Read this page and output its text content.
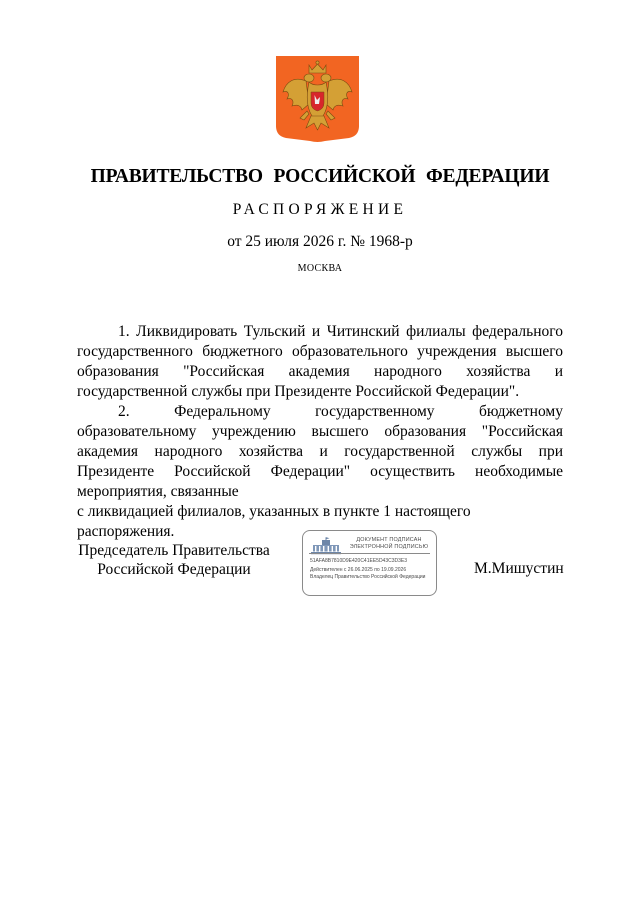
ПРАВИТЕЛЬСТВО РОССИЙСКОЙ ФЕДЕРАЦИИ
РАСПОРЯЖЕНИЕ
от 25 июля 2026 г. № 1968-р
МОСКВА

1. Ликвидировать Тульский и Читинский филиалы федерального государственного бюджетного образовательного учреждения высшего образования "Российская академия народного хозяйства и государственной службы при Президенте Российской Федерации".

2. Федеральному государственному бюджетному образовательному учреждению высшего образования "Российская академия народного хозяйства и государственной службы при Президенте Российской Федерации" осуществить необходимые мероприятия, связанные

с ликвидацией филиалов, указанных в пункте 1 настоящего распоряжения.

Председатель Правительства
Российской Федерации
ДОКУМЕНТ ПОДПИСАН
ЭЛЕКТРОННОЙ ПОДПИСЬЮ
51AFA8B7810D9E420C41EE5D43C3D3E3
Действителен с 26.06.2025 по 19.09.2026
Владелец Правительство Российской Федерации	М.Мишустин
